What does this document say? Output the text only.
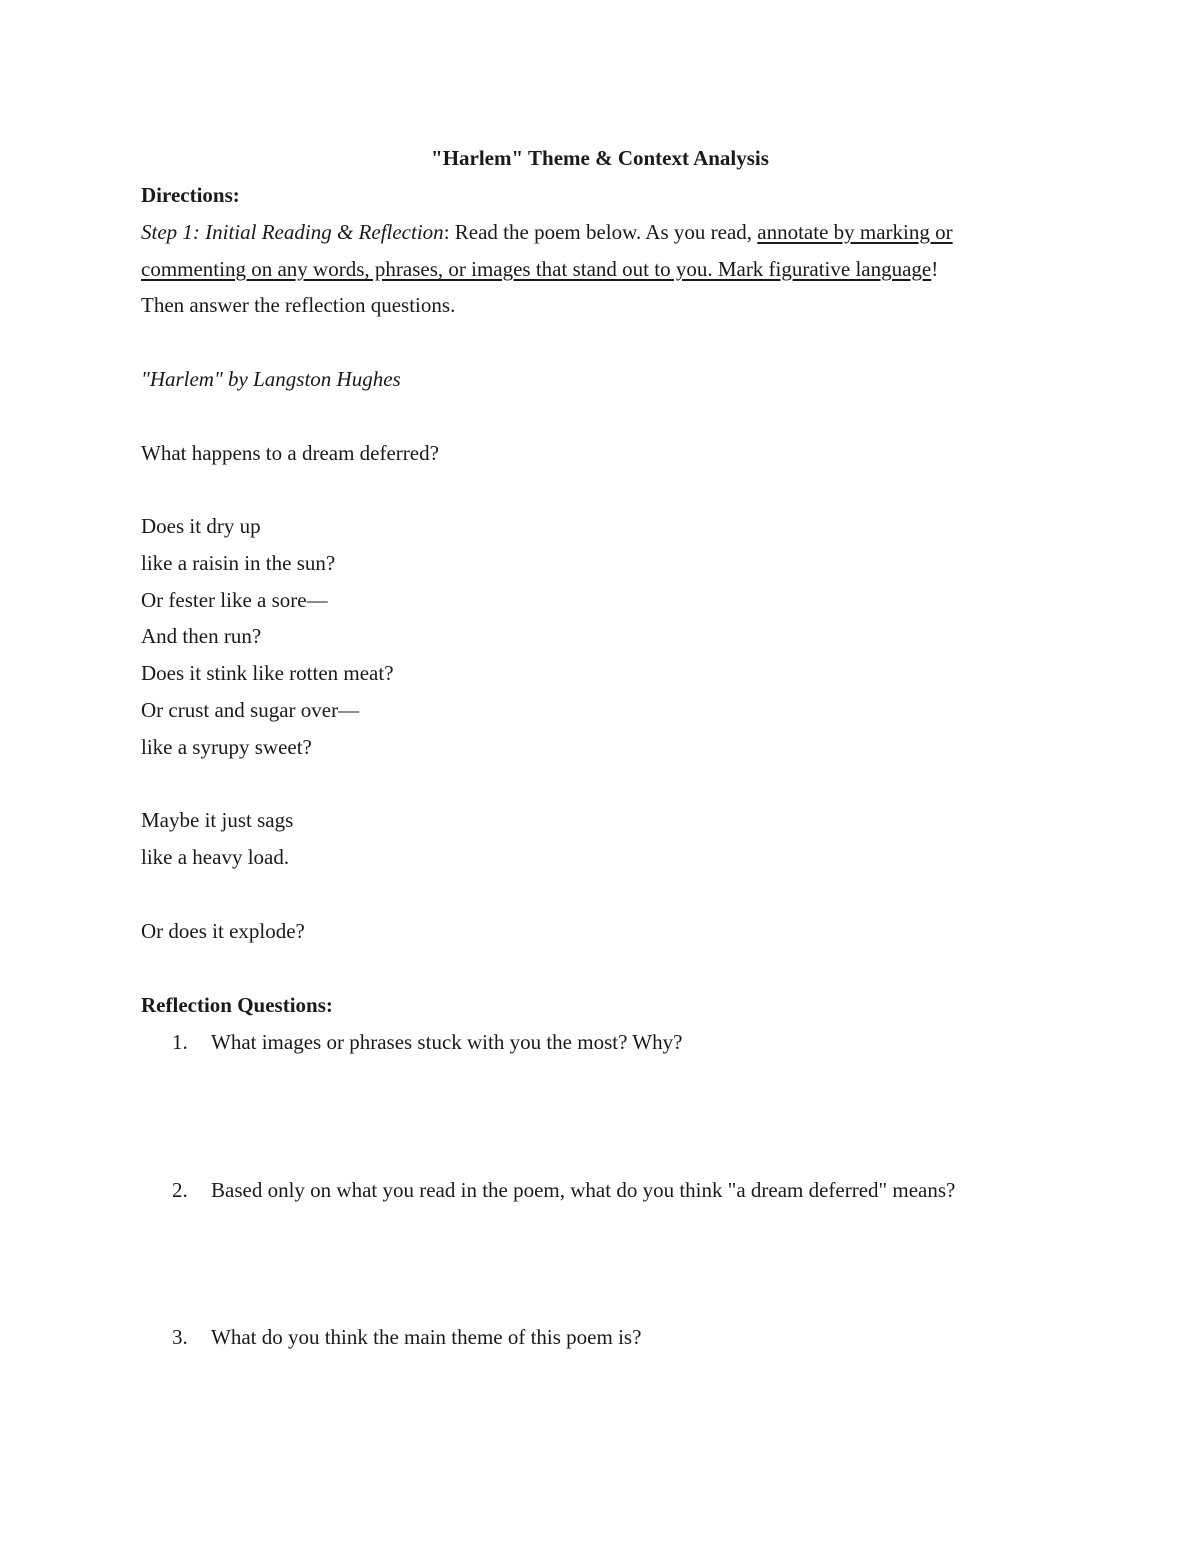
"Harlem" Theme & Context Analysis
Directions:
Step 1: Initial Reading & Reflection: Read the poem below. As you read, annotate by marking or
commenting on any words, phrases, or images that stand out to you. Mark figurative language!
Then answer the reflection questions.
"Harlem" by Langston Hughes
What happens to a dream deferred?
Does it dry up
like a raisin in the sun?
Or fester like a sore—
And then run?
Does it stink like rotten meat?
Or crust and sugar over—
like a syrupy sweet?
Maybe it just sags
like a heavy load.
Or does it explode?
Reflection Questions:
1. What images or phrases stuck with you the most? Why?
2. Based only on what you read in the poem, what do you think "a dream deferred" means?
3. What do you think the main theme of this poem is?
